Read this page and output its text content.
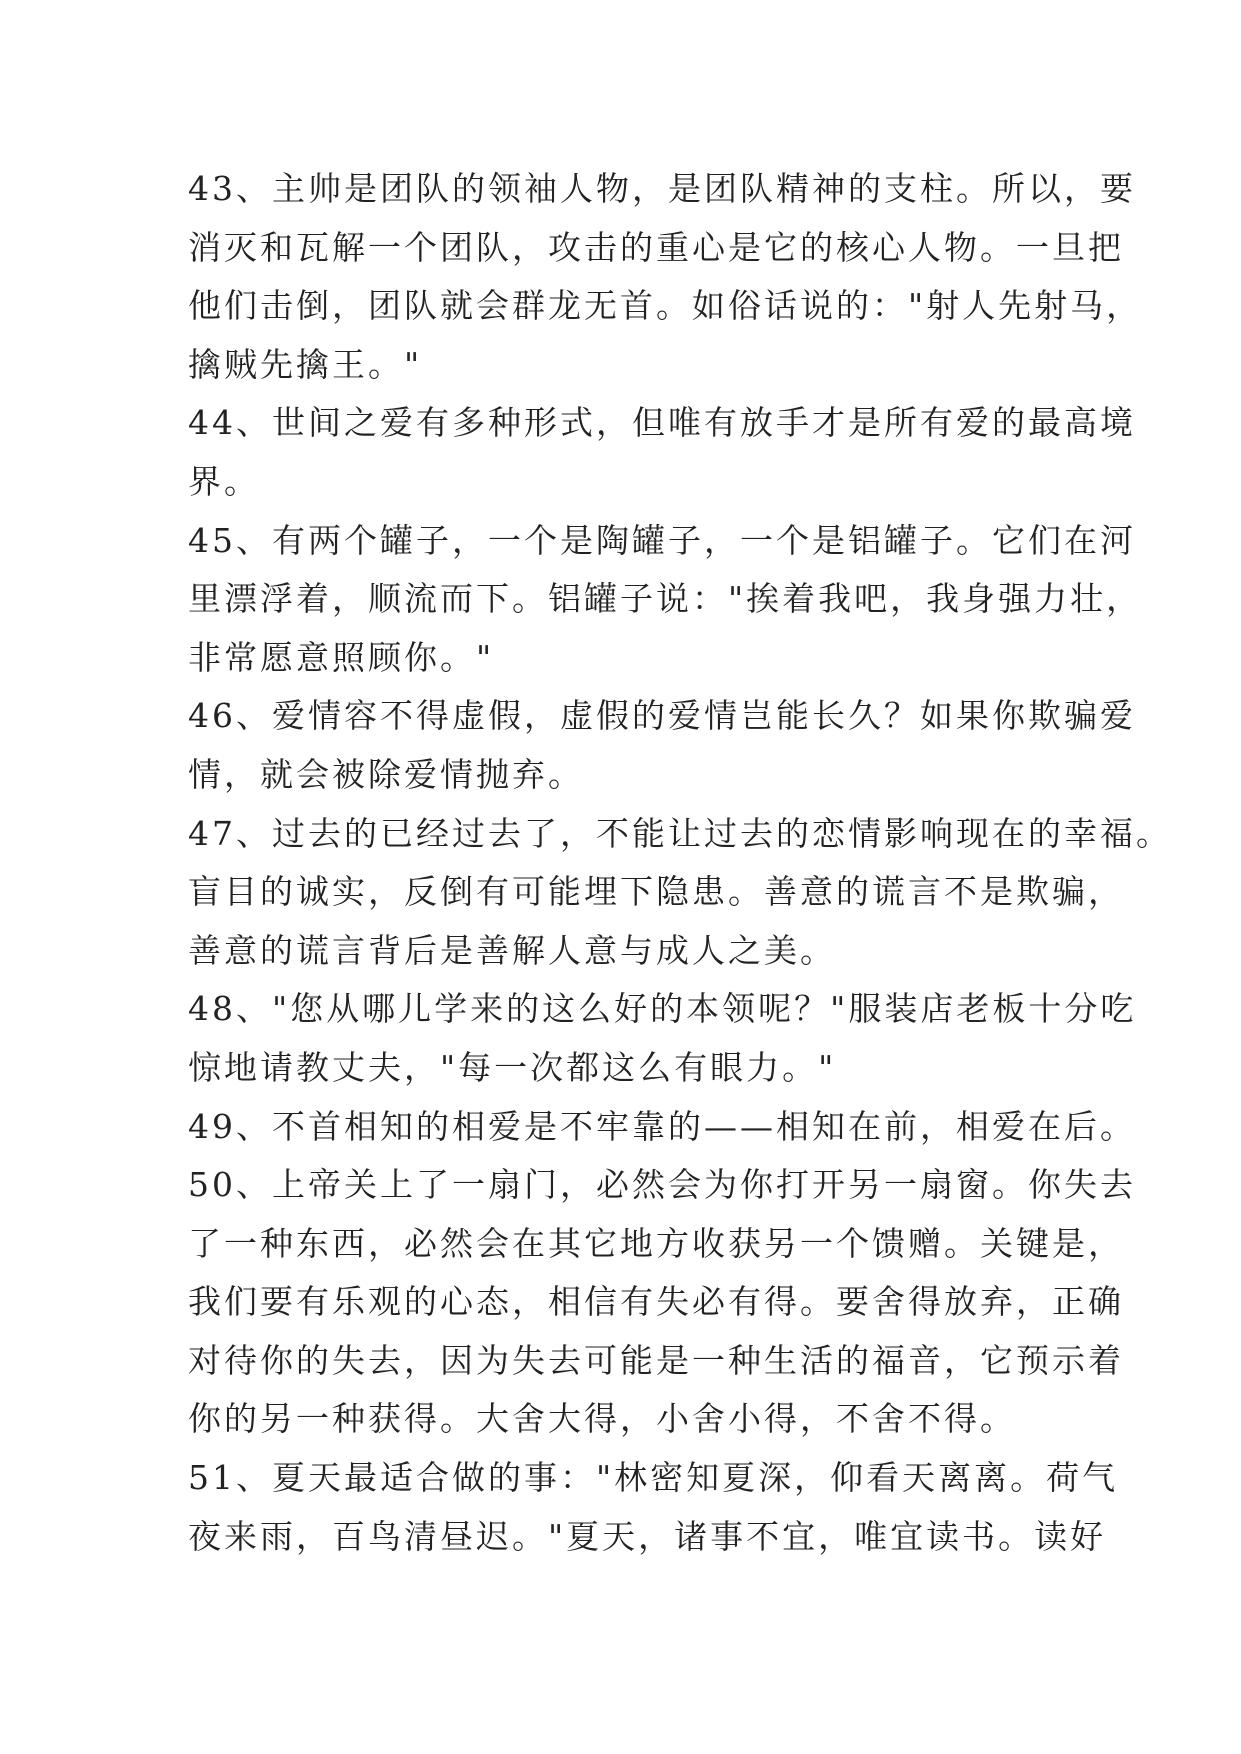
43、主帅是团队的领袖人物，是团队精神的支柱。所以，要
消灭和瓦解一个团队，攻击的重心是它的核心人物。一旦把
他们击倒，团队就会群龙无首。如俗话说的："射人先射马，
擒贼先擒王。"
44、世间之爱有多种形式，但唯有放手才是所有爱的最高境
界。
45、有两个罐子，一个是陶罐子，一个是铝罐子。它们在河
里漂浮着，顺流而下。铝罐子说："挨着我吧，我身强力壮，
非常愿意照顾你。"
46、爱情容不得虚假，虚假的爱情岂能长久？如果你欺骗爱
情，就会被除爱情抛弃。
47、过去的已经过去了，不能让过去的恋情影响现在的幸福。
盲目的诚实，反倒有可能埋下隐患。善意的谎言不是欺骗，
善意的谎言背后是善解人意与成人之美。
48、"您从哪儿学来的这么好的本领呢？"服装店老板十分吃
惊地请教丈夫，"每一次都这么有眼力。"
49、不首相知的相爱是不牢靠的——相知在前，相爱在后。
50、上帝关上了一扇门，必然会为你打开另一扇窗。你失去
了一种东西，必然会在其它地方收获另一个馈赠。关键是，
我们要有乐观的心态，相信有失必有得。要舍得放弃，正确
对待你的失去，因为失去可能是一种生活的福音，它预示着
你的另一种获得。大舍大得，小舍小得，不舍不得。
51、夏天最适合做的事："林密知夏深，仰看天离离。荷气
夜来雨，百鸟清昼迟。"夏天，诸事不宜，唯宜读书。读好
